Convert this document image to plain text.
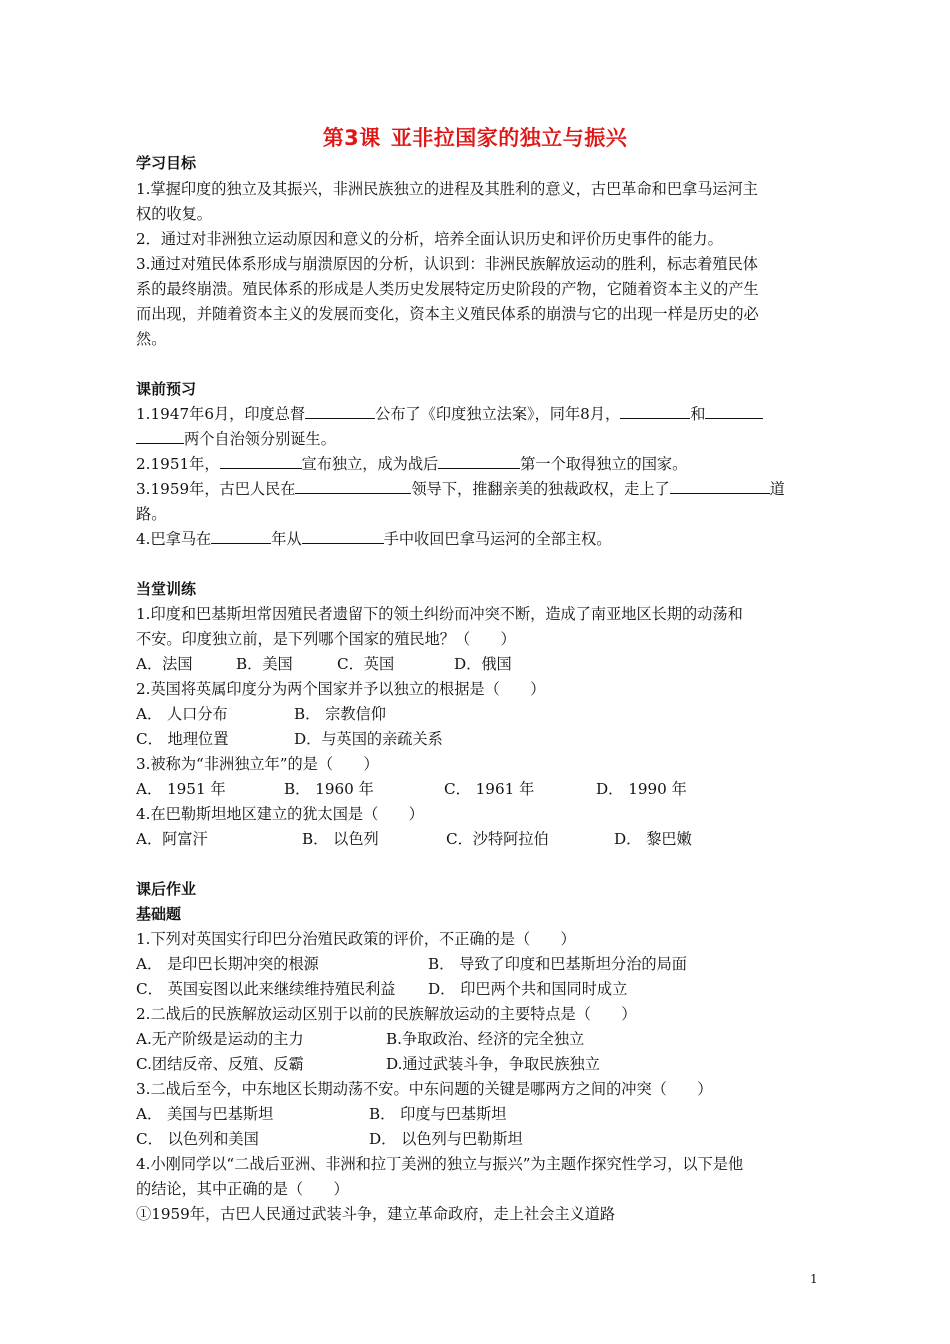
第3课 亚非拉国家的独立与振兴
学习目标
1.掌握印度的独立及其振兴，非洲民族独立的进程及其胜利的意义，古巴革命和巴拿马运河主
权的收复。
2．通过对非洲独立运动原因和意义的分析，培养全面认识历史和评价历史事件的能力。
3.通过对殖民体系形成与崩溃原因的分析，认识到：非洲民族解放运动的胜利，标志着殖民体
系的最终崩溃。殖民体系的形成是人类历史发展特定历史阶段的产物，它随着资本主义的产生
而出现，并随着资本主义的发展而变化，资本主义殖民体系的崩溃与它的出现一样是历史的必
然。
课前预习
1.1947年6月，印度总督	公布了《印度独立法案》，同年8月，	和
两个自治领分别诞生。
2.1951年，	宣布独立，成为战后	第一个取得独立的国家。
3.1959年，古巴人民在	领导下，推翻亲美的独裁政权，走上了	道
路。
4.巴拿马在	年从	手中收回巴拿马运河的全部主权。
当堂训练
1.印度和巴基斯坦常因殖民者遗留下的领土纠纷而冲突不断，造成了南亚地区长期的动荡和
不安。印度独立前，是下列哪个国家的殖民地？（　　）
A．法国	B．美国	C．英国	D．俄国
2.英国将英属印度分为两个国家并予以独立的根据是（　　）
A． 人口分布	B． 宗教信仰
C． 地理位置	D．与英国的亲疏关系
3.被称为“非洲独立年”的是（　　）
A． 1951 年	B． 1960 年	C． 1961 年	D． 1990 年
4.在巴勒斯坦地区建立的犹太国是（　　）
A．阿富汗	B． 以色列	C．沙特阿拉伯	D． 黎巴嫩
课后作业
基础题
1.下列对英国实行印巴分治殖民政策的评价，不正确的是（　　）
A． 是印巴长期冲突的根源	B． 导致了印度和巴基斯坦分治的局面
C． 英国妄图以此来继续维持殖民利益 D． 印巴两个共和国同时成立
2.二战后的民族解放运动区别于以前的民族解放运动的主要特点是（　　）
A.无产阶级是运动的主力	B.争取政治、经济的完全独立
C.团结反帝、反殖、反霸	D.通过武装斗争，争取民族独立
3.二战后至今，中东地区长期动荡不安。中东问题的关键是哪两方之间的冲突（　　）
A． 美国与巴基斯坦	B． 印度与巴基斯坦
C． 以色列和美国	D． 以色列与巴勒斯坦
4.小刚同学以“二战后亚洲、非洲和拉丁美洲的独立与振兴”为主题作探究性学习，以下是他
的结论，其中正确的是（　　）
①1959年，古巴人民通过武装斗争，建立革命政府，走上社会主义道路
1
